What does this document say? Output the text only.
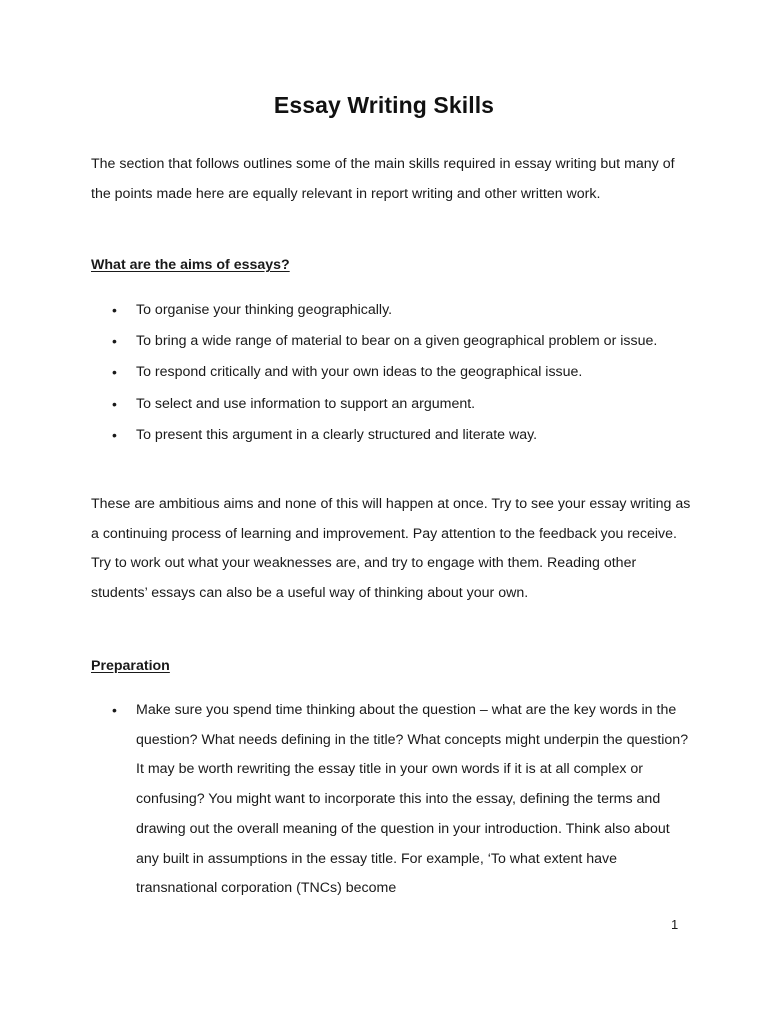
Essay Writing Skills

The section that follows outlines some of the main skills required in essay writing but many of the points made here are equally relevant in report writing and other written work.

What are the aims of essays?

• To organise your thinking geographically.
• To bring a wide range of material to bear on a given geographical problem or issue.
• To respond critically and with your own ideas to the geographical issue.
• To select and use information to support an argument.
• To present this argument in a clearly structured and literate way.

These are ambitious aims and none of this will happen at once. Try to see your essay writing as a continuing process of learning and improvement. Pay attention to the feedback you receive. Try to work out what your weaknesses are, and try to engage with them. Reading other students’ essays can also be a useful way of thinking about your own.

Preparation

• Make sure you spend time thinking about the question – what are the key words in the question? What needs defining in the title? What concepts might underpin the question? It may be worth rewriting the essay title in your own words if it is at all complex or confusing? You might want to incorporate this into the essay, defining the terms and drawing out the overall meaning of the question in your introduction. Think also about any built in assumptions in the essay title. For example, ‘To what extent have transnational corporation (TNCs) become
1
